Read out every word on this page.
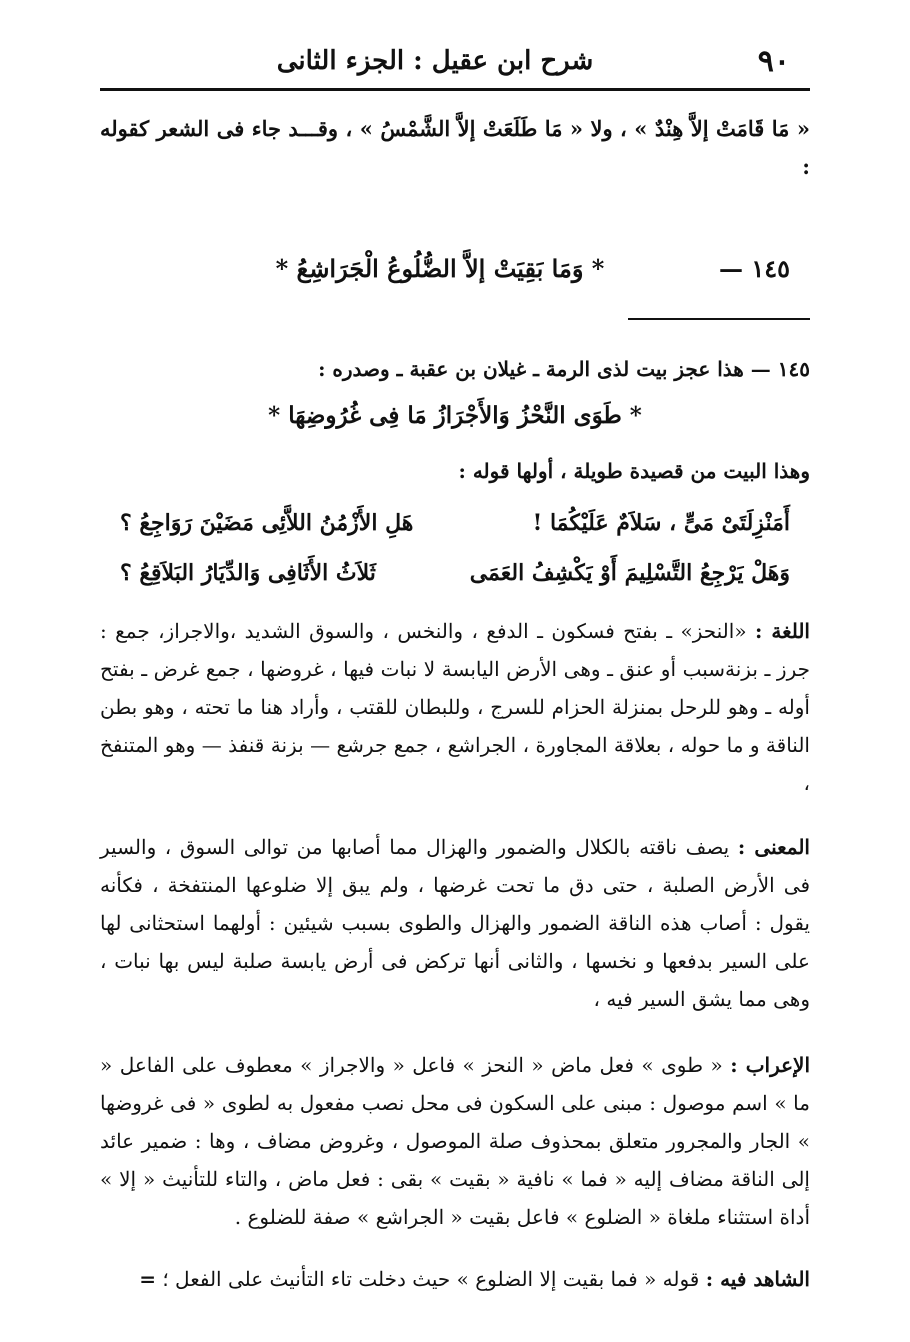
٩٠
شرح ابن عقيل : الجزء الثانى
« مَا قَامَتْ إلاَّ هِنْدٌ » ، ولا « مَا طَلَعَتْ إلاَّ الشَّمْسُ » ، وقـــد جاء فى الشعر كقوله :
١٤٥ —
* وَمَا بَقِيَتْ إلاَّ الضُّلُوعُ الْجَرَاشِعُ *
١٤٥ — هذا عجز بيت لذى الرمة ـ غيلان بن عقبة ـ وصدره :
* طَوَى النَّحْزُ وَالأَجْرَازُ مَا فِى غُرُوضِهَا *
وهذا البيت من قصيدة طويلة ، أولها قوله :
أَمَنْزِلَتَىْ مَىٍّ ، سَلاَمٌ عَلَيْكُمَا !
هَلِ الأَزْمُنُ اللاَّئِى مَضَيْنَ رَوَاجِعُ ؟
وَهَلْ يَرْجِعُ التَّسْلِيمَ أَوْ يَكْشِفُ العَمَى
ثَلاَثُ الأَثَافِى وَالدِّيَارُ البَلاَقِعُ ؟
اللغة : «النحز» ـ بفتح فسكون ـ الدفع ، والنخس ، والسوق الشديد ،والاجراز، جمع : جرز ـ بزنةسبب أو عنق ـ وهى الأرض اليابسة لا نبات فيها ، غروضها ، جمع غرض ـ بفتح أوله ـ وهو للرحل بمنزلة الحزام للسرج ، وللبطان للقتب ، وأراد هنا ما تحته ، وهو بطن الناقة و ما حوله ، بعلاقة المجاورة ، الجراشع ، جمع جرشع — بزنة قنفذ — وهو المتنفخ ،
المعنى : يصف ناقته بالكلال والضمور والهزال مما أصابها من توالى السوق ، والسير فى الأرض الصلبة ، حتى دق ما تحت غرضها ، ولم يبق إلا ضلوعها المنتفخة ، فكأنه يقول : أصاب هذه الناقة الضمور والهزال والطوى بسبب شيئين : أولهما استحثانى لها على السير بدفعها و نخسها ، والثانى أنها تركض فى أرض يابسة صلبة ليس بها نبات ، وهى مما يشق السير فيه ،
الإعراب : « طوى » فعل ماض « النحز » فاعل « والاجراز » معطوف على الفاعل « ما » اسم موصول : مبنى على السكون فى محل نصب مفعول به لطوى « فى غروضها » الجار والمجرور متعلق بمحذوف صلة الموصول ، وغروض مضاف ، وها : ضمير عائد إلى الناقة مضاف إليه « فما » نافية « بقيت » بقى : فعل ماض ، والتاء للتأنيث « إلا » أداة استثناء ملغاة « الضلوع » فاعل بقيت « الجراشع » صفة للضلوع .
الشاهد فيه : قوله « فما بقيت إلا الضلوع » حيث دخلت تاء التأنيث على الفعل ؛ =
